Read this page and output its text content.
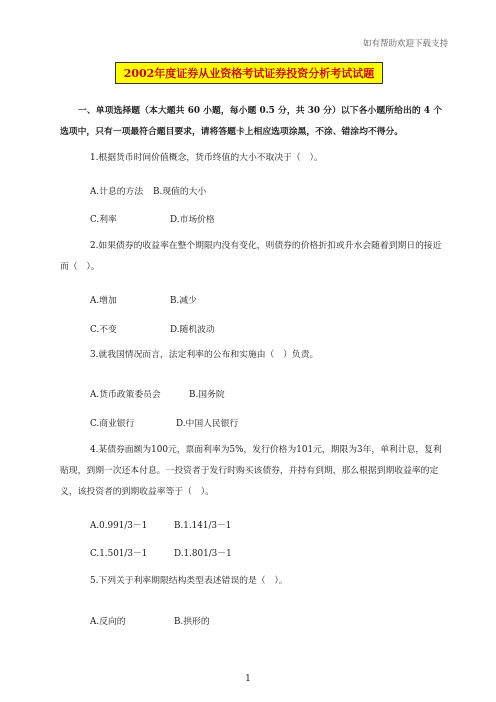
如有帮助欢迎下载支持
2002年度证券从业资格考试证券投资分析考试试题
一、单项选择题（本大题共 60 小题，每小题 0.5 分，共 30 分）以下各小题所给出的 4 个选项中，只有一项最符合题目要求，请将答题卡上相应选项涂黑，不涂、错涂均不得分。
1.根据货币时间价值概念，货币终值的大小不取决于（　）。
A.计息的方法 B.现值的大小
C.利率	D.市场价格
2.如果债券的收益率在整个期限内没有变化，则债券的价格折扣或升水会随着到期日的接近而（　）。
A.增加	B.减少
C.不变	D.随机波动
3.就我国情况而言，法定利率的公布和实施由（　）负责。
A.货币政策委员会	B.国务院
C.商业银行	D.中国人民银行
4.某债券面额为100元，票面利率为5%，发行价格为101元，期限为3年，单利计息，复利贴现，到期一次还本付息。一投资者于发行时购买该债券，并持有到期，那么根据到期收益率的定义，该投资者的到期收益率等于（　）。
A.0.991/3－1	B.1.141/3－1
C.1.501/3－1	D.1.801/3－1
5.下列关于利率期限结构类型表述错误的是（　）。
A.反向的	B.拱形的
1
